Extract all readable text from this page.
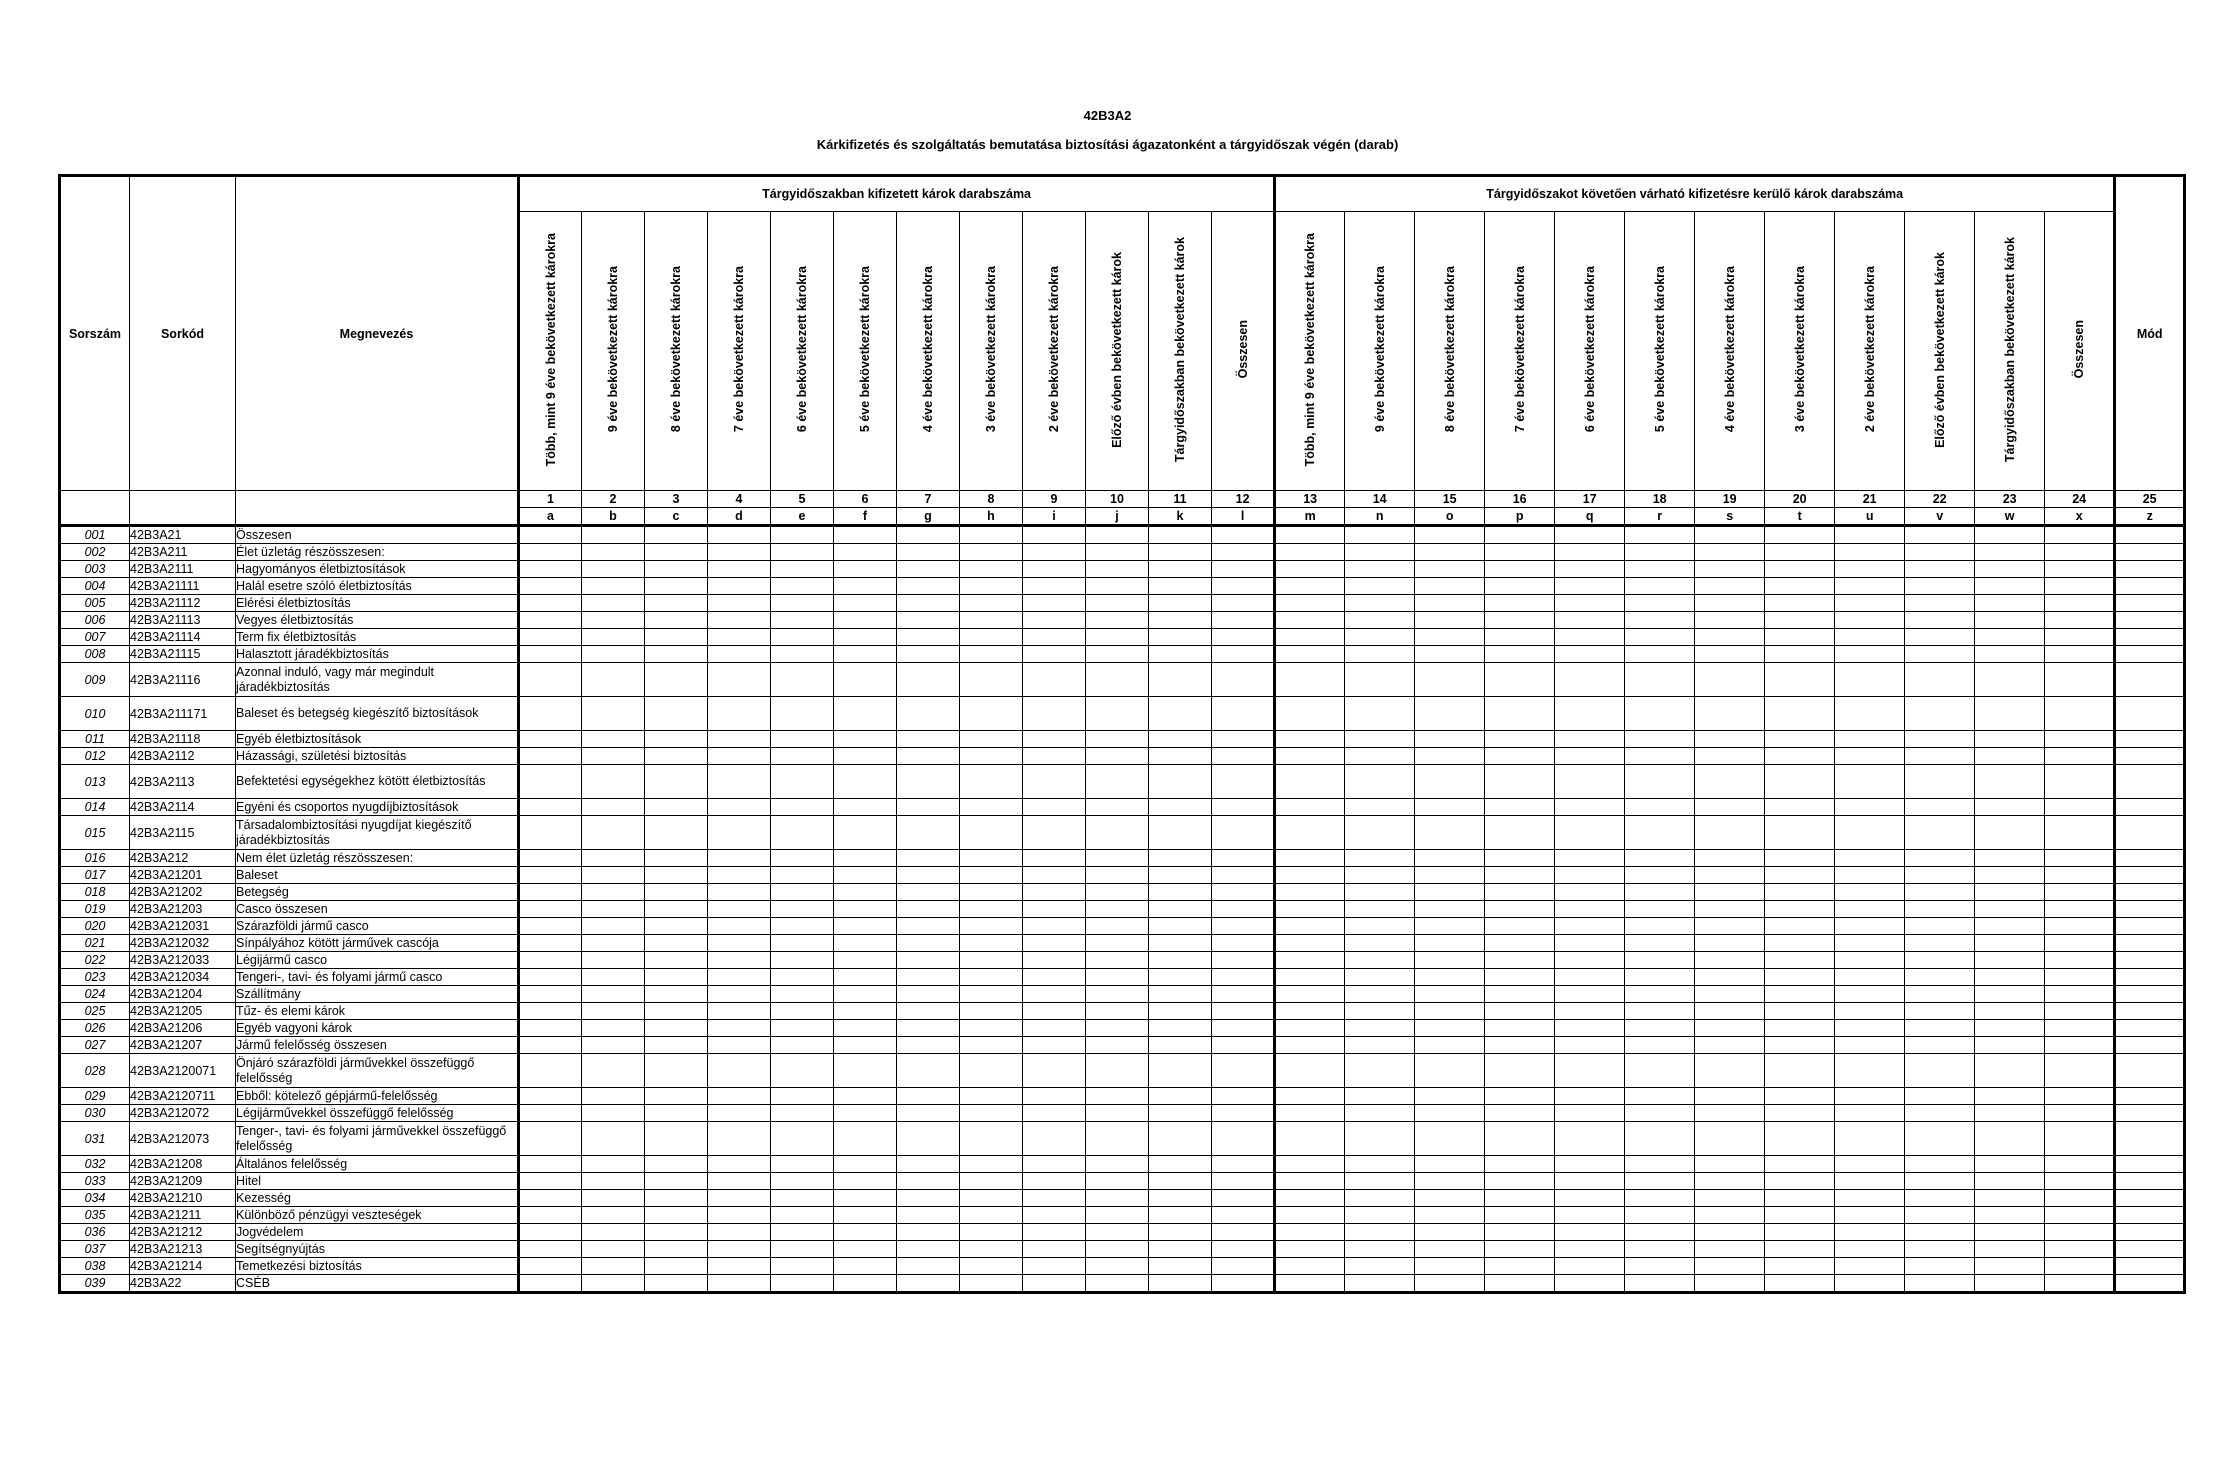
42B3A2
Kárkifizetés és szolgáltatás bemutatása biztosítási ágazatonként a tárgyidőszak végén (darab)
Sorszám	Sorkód	Megnevezés	Tárgyidőszakban kifizetett károk darabszáma												Tárgyidőszakot követően várható kifizetésre kerülő károk darabszáma												Mód
			Több, mint 9 éve bekövetkezett károkra	9 éve bekövetkezett károkra	8 éve bekövetkezett károkra	7 éve bekövetkezett károkra	6 éve bekövetkezett károkra	5 éve bekövetkezett károkra	4 éve bekövetkezett károkra	3 éve bekövetkezett károkra	2 éve bekövetkezett károkra	Előző évben bekövetkezett károk	Tárgyidőszakban bekövetkezett károk	Összesen	Több, mint 9 éve bekövetkezett károkra	9 éve bekövetkezett károkra	8 éve bekövetkezett károkra	7 éve bekövetkezett károkra	6 éve bekövetkezett károkra	5 éve bekövetkezett károkra	4 éve bekövetkezett károkra	3 éve bekövetkezett károkra	2 éve bekövetkezett károkra	Előző évben bekövetkezett károk	Tárgyidőszakban bekövetkezett károk	Összesen	
			1	2	3	4	5	6	7	8	9	10	11	12	13	14	15	16	17	18	19	20	21	22	23	24	25
			a	b	c	d	e	f	g	h	i	j	k	l	m	n	o	p	q	r	s	t	u	v	w	x	z
001	42B3A21	Összesen																									
002	42B3A211	Élet üzletág részösszesen:																									
003	42B3A2111	Hagyományos életbiztosítások																									
004	42B3A21111	Halál esetre szóló életbiztosítás																									
005	42B3A21112	Elérési életbiztosítás																									
006	42B3A21113	Vegyes életbiztosítás																									
007	42B3A21114	Term fix életbiztosítás																									
008	42B3A21115	Halasztott járadékbiztosítás																									
009	42B3A21116	Azonnal induló, vagy már megindult járadékbiztosítás																									
010	42B3A211171	Baleset és betegség kiegészítő biztosítások																									
011	42B3A21118	Egyéb életbiztosítások																									
012	42B3A2112	Házassági, születési biztosítás																									
013	42B3A2113	Befektetési egységekhez kötött életbiztosítás																									
014	42B3A2114	Egyéni és csoportos nyugdíjbiztosítások																									
015	42B3A2115	Társadalombiztosítási nyugdíjat kiegészítő járadékbiztosítás																									
016	42B3A212	Nem élet üzletág részösszesen:																									
017	42B3A21201	Baleset																									
018	42B3A21202	Betegség																									
019	42B3A21203	Casco összesen																									
020	42B3A212031	Szárazföldi jármű casco																									
021	42B3A212032	Sínpályához kötött járművek cascója																									
022	42B3A212033	Légijármű casco																									
023	42B3A212034	Tengeri-, tavi- és folyami jármű casco																									
024	42B3A21204	Szállítmány																									
025	42B3A21205	Tűz- és elemi károk																									
026	42B3A21206	Egyéb vagyoni károk																									
027	42B3A21207	Jármű felelősség összesen																									
028	42B3A2120071	Önjáró szárazföldi járművekkel összefüggő felelősség																									
029	42B3A2120711	Ebből: kötelező gépjármű-felelősség																									
030	42B3A212072	Légijárművekkel összefüggő felelősség																									
031	42B3A212073	Tenger-, tavi- és folyami járművekkel összefüggő felelősség																									
032	42B3A21208	Általános felelősség																									
033	42B3A21209	Hitel																									
034	42B3A21210	Kezesség																									
035	42B3A21211	Különböző pénzügyi veszteségek																									
036	42B3A21212	Jogvédelem																									
037	42B3A21213	Segítségnyújtás																									
038	42B3A21214	Temetkezési biztosítás																									
039	42B3A22	CSÉB																									
